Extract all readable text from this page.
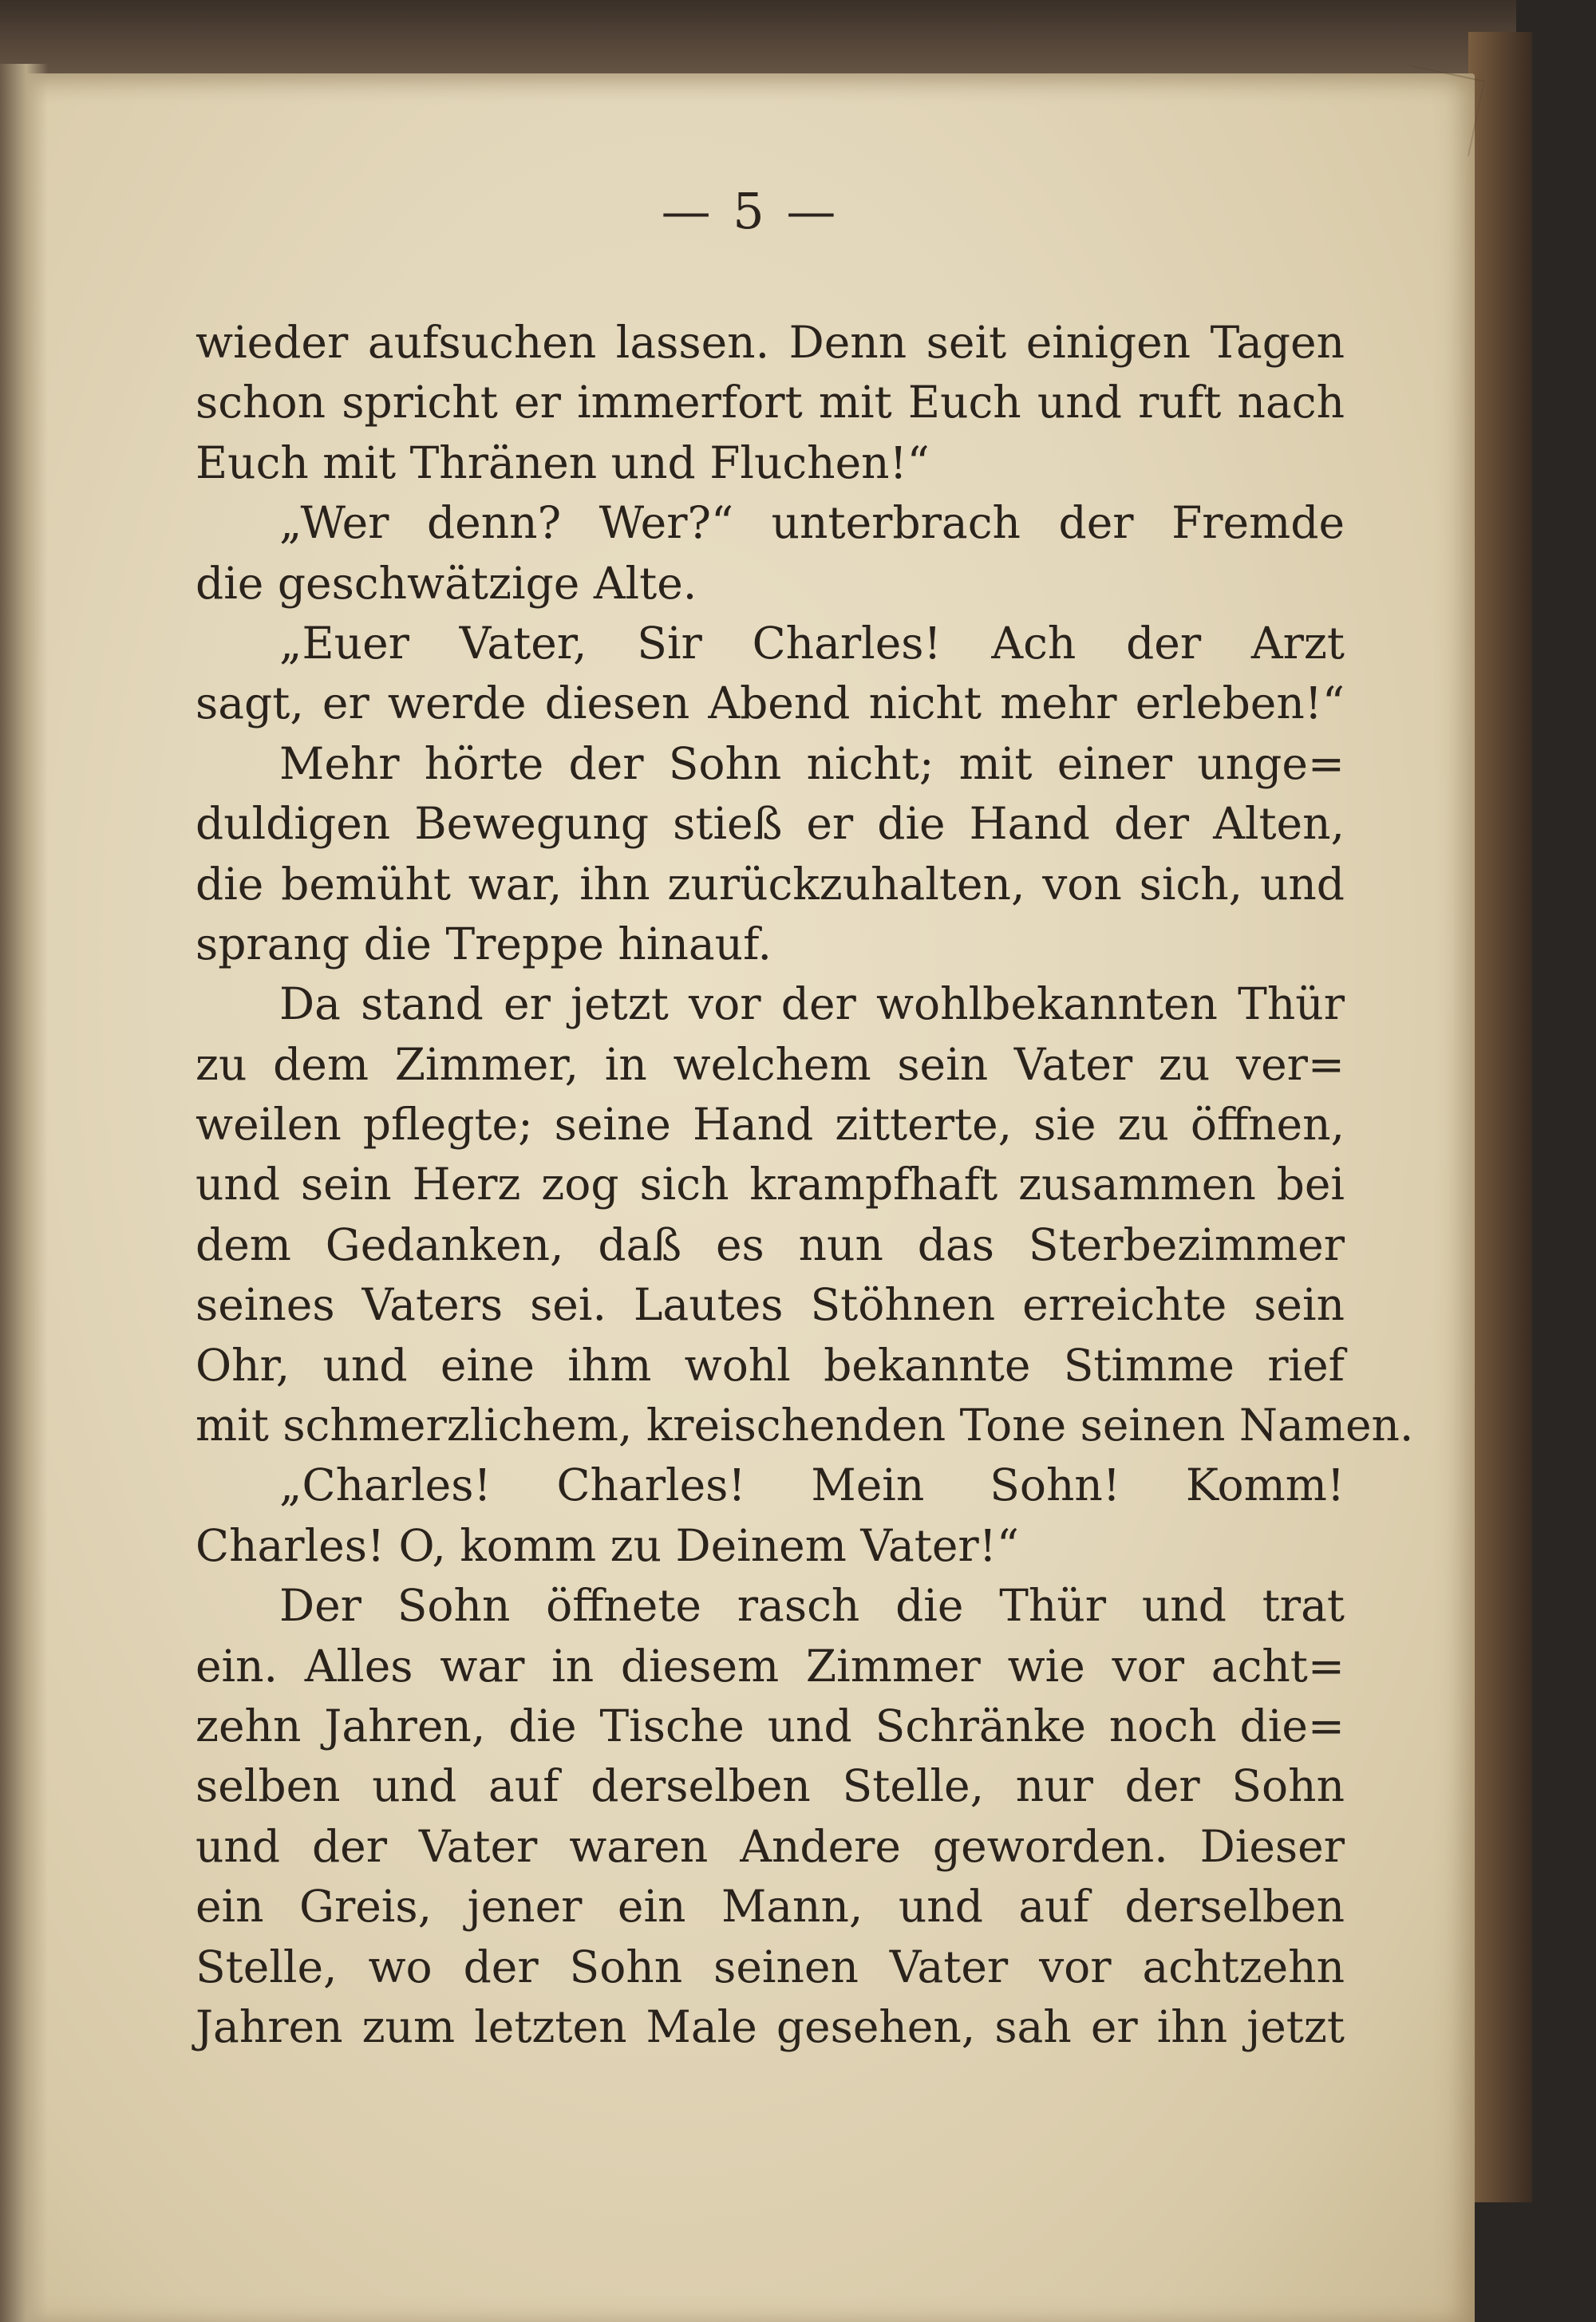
— 5 —
wieder aufsuchen lassen. Denn seit einigen Tagen
schon spricht er immerfort mit Euch und ruft nach
Euch mit Thränen und Fluchen!“
„Wer denn? Wer?“ unterbrach der Fremde
die geschwätzige Alte.
„Euer Vater, Sir Charles! Ach der Arzt
sagt, er werde diesen Abend nicht mehr erleben!“
Mehr hörte der Sohn nicht; mit einer unge=
duldigen Bewegung stieß er die Hand der Alten,
die bemüht war, ihn zurückzuhalten, von sich, und
sprang die Treppe hinauf.
Da stand er jetzt vor der wohlbekannten Thür
zu dem Zimmer, in welchem sein Vater zu ver=
weilen pflegte; seine Hand zitterte, sie zu öffnen,
und sein Herz zog sich krampfhaft zusammen bei
dem Gedanken, daß es nun das Sterbezimmer
seines Vaters sei. Lautes Stöhnen erreichte sein
Ohr, und eine ihm wohl bekannte Stimme rief
mit schmerzlichem, kreischenden Tone seinen Namen.
„Charles! Charles! Mein Sohn! Komm!
Charles! O, komm zu Deinem Vater!“
Der Sohn öffnete rasch die Thür und trat
ein. Alles war in diesem Zimmer wie vor acht=
zehn Jahren, die Tische und Schränke noch die=
selben und auf derselben Stelle, nur der Sohn
und der Vater waren Andere geworden. Dieser
ein Greis, jener ein Mann, und auf derselben
Stelle, wo der Sohn seinen Vater vor achtzehn
Jahren zum letzten Male gesehen, sah er ihn jetzt
